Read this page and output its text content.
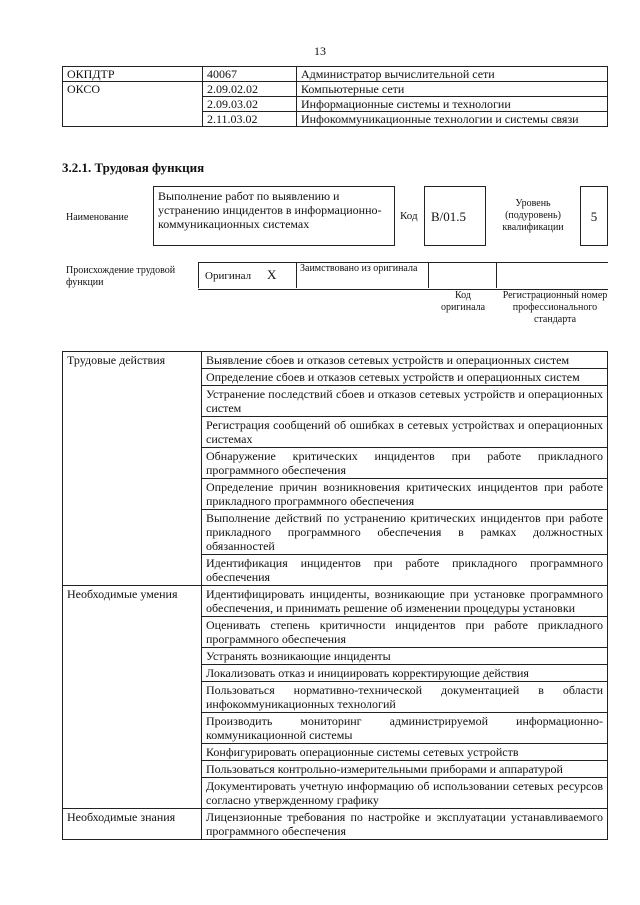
13
ОКПДТР	40067	Администратор вычислительной сети
ОКСО	2.09.02.02	Компьютерные сети
	2.09.03.02	Информационные системы и технологии
	2.11.03.02	Инфокоммуникационные технологии и системы связи
3.2.1. Трудовая функция
Наименование
Выполнение работ по выявлению и устранению инцидентов в информационно-коммуникационных системах
Код	B/01.5
Уровень (подуровень) квалификации
5
Происхождение трудовой функции
Оригинал X Заимствовано из оригинала
Код оригинала
Регистрационный номер профессионального стандарта
Трудовые действия	Выявление сбоев и отказов сетевых устройств и операционных систем
	Определение сбоев и отказов сетевых устройств и операционных систем
	Устранение последствий сбоев и отказов сетевых устройств и операционных систем
	Регистрация сообщений об ошибках в сетевых устройствах и операционных системах
	Обнаружение критических инцидентов при работе прикладного программного обеспечения
	Определение причин возникновения критических инцидентов при работе прикладного программного обеспечения
	Выполнение действий по устранению критических инцидентов при работе прикладного программного обеспечения в рамках должностных обязанностей
	Идентификация инцидентов при работе прикладного программного обеспечения
Необходимые умения	Идентифицировать инциденты, возникающие при установке программного обеспечения, и принимать решение об изменении процедуры установки
	Оценивать степень критичности инцидентов при работе прикладного программного обеспечения
	Устранять возникающие инциденты
	Локализовать отказ и инициировать корректирующие действия
	Пользоваться нормативно-технической документацией в области инфокоммуникационных технологий
	Производить мониторинг администрируемой информационно-коммуникационной системы
	Конфигурировать операционные системы сетевых устройств
	Пользоваться контрольно-измерительными приборами и аппаратурой
	Документировать учетную информацию об использовании сетевых ресурсов согласно утвержденному графику
Необходимые знания	Лицензионные требования по настройке и эксплуатации устанавливаемого программного обеспечения
